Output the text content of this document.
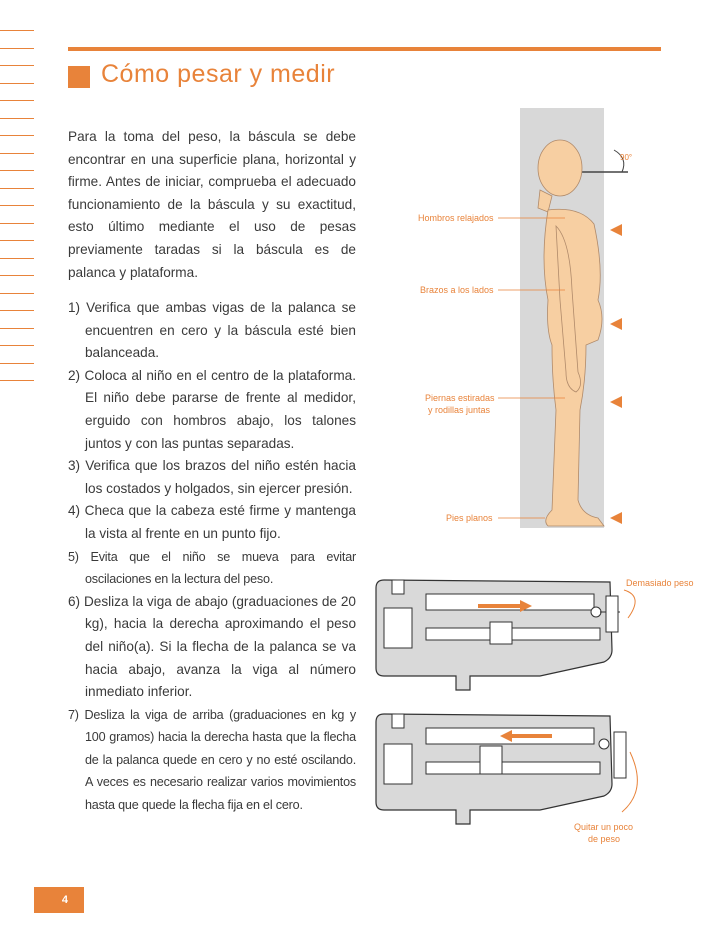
Cómo pesar y medir
Para la toma del peso, la báscula se debe encontrar en una superficie plana, horizontal y firme. Antes de iniciar, comprueba el adecuado funcionamiento de la báscula y su exactitud, esto último mediante el uso de pesas previamente taradas si la báscula es de palanca y plataforma.
1) Verifica que ambas vigas de la palanca se encuentren en cero y la báscula esté bien balanceada.
2) Coloca al niño en el centro de la plataforma. El niño debe pararse de frente al medidor, erguido con hombros abajo, los talones juntos y con las puntas separadas.
3) Verifica que los brazos del niño estén hacia los costados y holgados, sin ejercer presión.
4) Checa que la cabeza esté firme y mantenga la vista al frente en un punto fijo.
5) Evita que el niño se mueva para evitar oscilaciones en la lectura del peso.
6) Desliza la viga de abajo (graduaciones de 20 kg), hacia la derecha aproximando el peso del niño(a). Si la flecha de la palanca se va hacia abajo, avanza la viga al número inmediato inferior.
7) Desliza la viga de arriba (graduaciones en kg y 100 gramos) hacia la derecha hasta que la flecha de la palanca quede en cero y no esté oscilando. A veces es necesario realizar varios movimientos hasta que quede la flecha fija en el cero.
90°
Hombros relajados
Brazos a los lados
Piernas estiradas
y rodillas juntas
Pies planos
Demasiado peso
Quitar un poco
de peso
4
